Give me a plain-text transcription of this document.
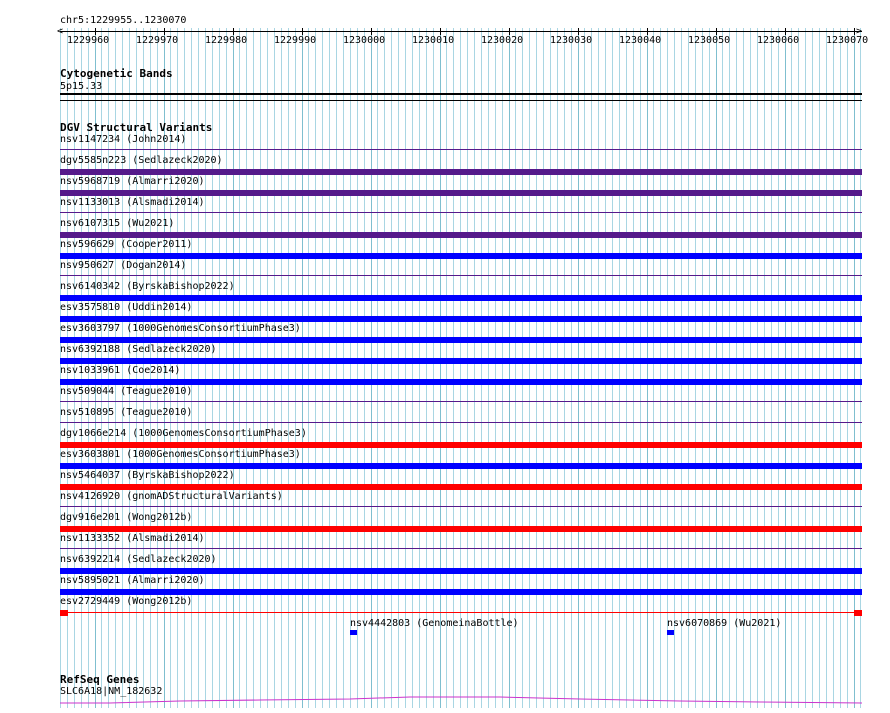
chr5:1229955..1230070
<	>
1229960	1229970	1229980	1229990	1230000	1230010	1230020	1230030	1230040	1230050	1230060	1230070
Cytogenetic Bands
5p15.33
DGV Structural Variants
nsv1147234 (John2014)
dgv5585n223 (Sedlazeck2020)
nsv5968719 (Almarri2020)
nsv1133013 (Alsmadi2014)
nsv6107315 (Wu2021)
nsv596629 (Cooper2011)
nsv950627 (Dogan2014)
nsv6140342 (ByrskaBishop2022)
esv3575810 (Uddin2014)
esv3603797 (1000GenomesConsortiumPhase3)
nsv6392188 (Sedlazeck2020)
nsv1033961 (Coe2014)
nsv509044 (Teague2010)
nsv510895 (Teague2010)
dgv1066e214 (1000GenomesConsortiumPhase3)
esv3603801 (1000GenomesConsortiumPhase3)
nsv5464037 (ByrskaBishop2022)
nsv4126920 (gnomADStructuralVariants)
dgv916e201 (Wong2012b)
nsv1133352 (Alsmadi2014)
nsv6392214 (Sedlazeck2020)
nsv5895021 (Almarri2020)
esv2729449 (Wong2012b)
nsv4442803 (GenomeinaBottle)	nsv6070869 (Wu2021)
RefSeq Genes
SLC6A18|NM_182632
